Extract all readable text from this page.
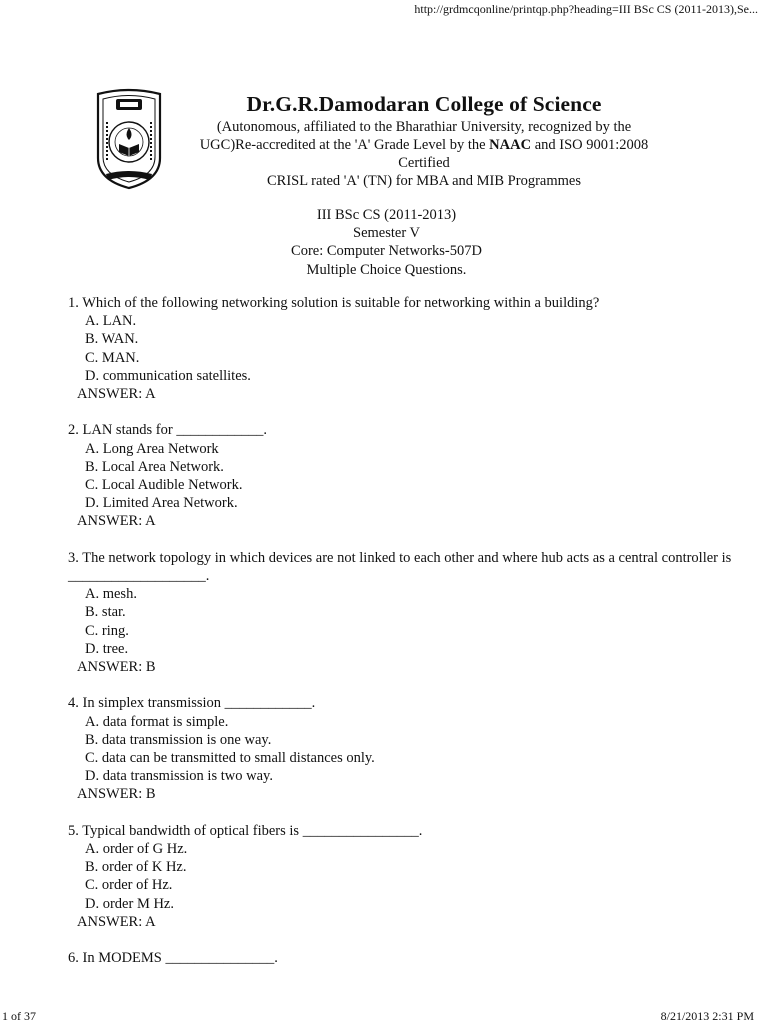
http://grdmcqonline/printqp.php?heading=III BSc CS (2011-2013),Se...
Dr.G.R.Damodaran College of Science
(Autonomous, affiliated to the Bharathiar University, recognized by the
UGC)Re-accredited at the 'A' Grade Level by the NAAC and ISO 9001:2008
Certified
CRISL rated 'A' (TN) for MBA and MIB Programmes
III BSc CS (2011-2013)
Semester V
Core: Computer Networks-507D
Multiple Choice Questions.
1. Which of the following networking solution is suitable for networking within a building?
A. LAN.
B. WAN.
C. MAN.
D. communication satellites.
ANSWER: A
2. LAN stands for ____________.
A. Long Area Network
B. Local Area Network.
C. Local Audible Network.
D. Limited Area Network.
ANSWER: A
3. The network topology in which devices are not linked to each other and where hub acts as a central controller is ___________________.
A. mesh.
B. star.
C. ring.
D. tree.
ANSWER: B
4. In simplex transmission ____________.
A. data format is simple.
B. data transmission is one way.
C. data can be transmitted to small distances only.
D. data transmission is two way.
ANSWER: B
5. Typical bandwidth of optical fibers is ________________.
A. order of G Hz.
B. order of K Hz.
C. order of Hz.
D. order M Hz.
ANSWER: A
6. In MODEMS _______________.
1 of 37	8/21/2013 2:31 PM
